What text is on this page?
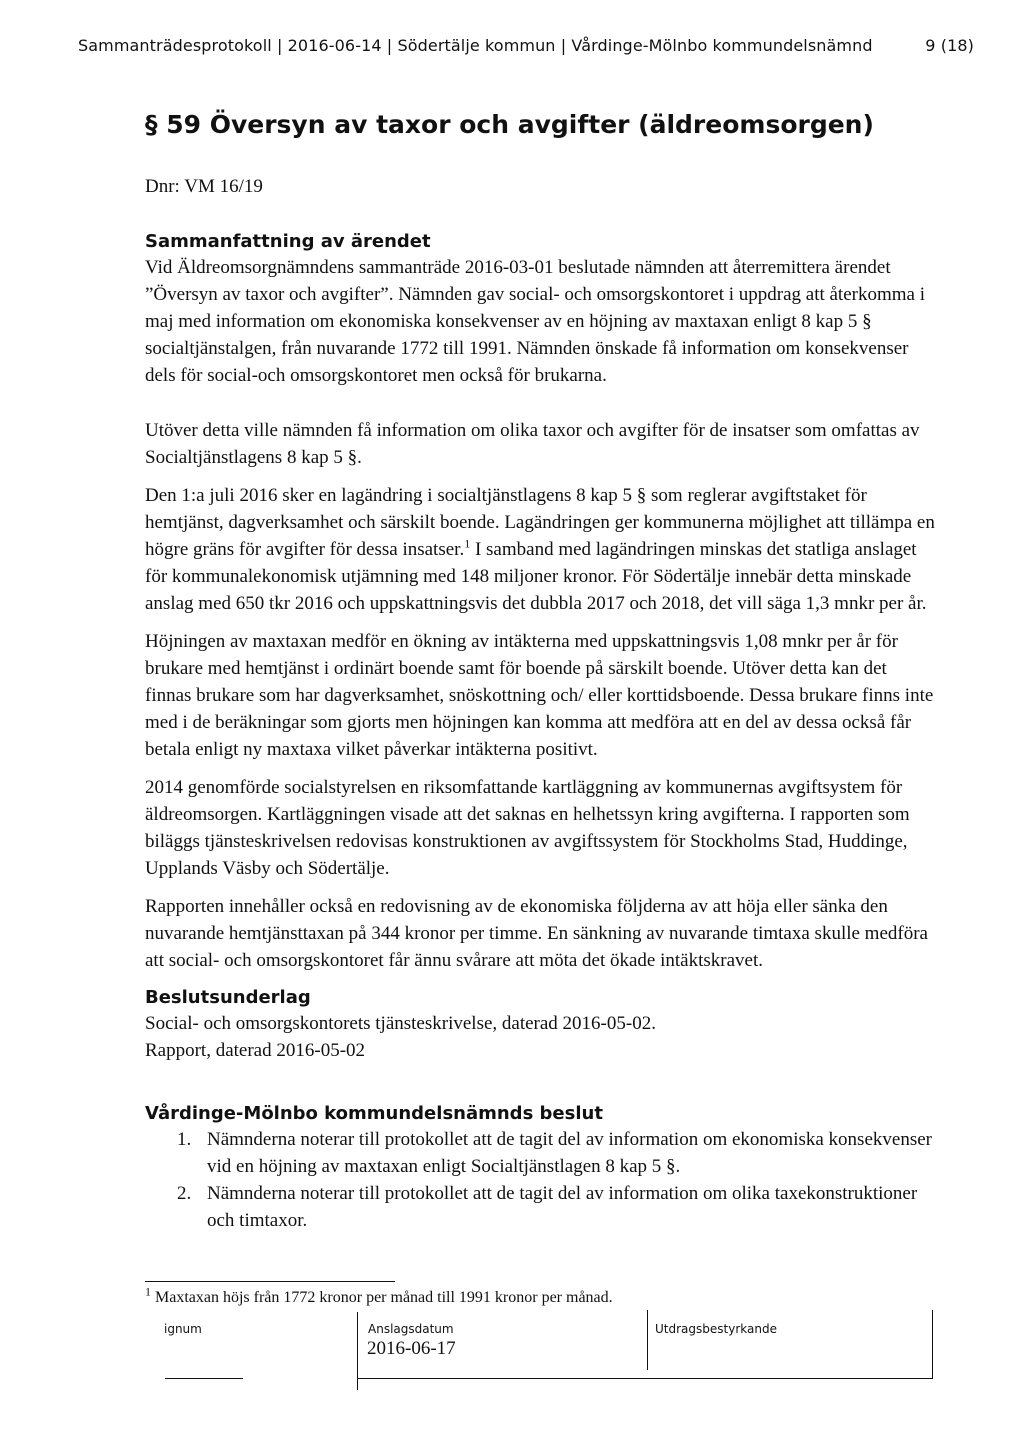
Sammanträdesprotokoll | 2016-06-14 | Södertälje kommun | Vårdinge-Mölnbo kommundelsnämnd	9 (18)
§ 59 Översyn av taxor och avgifter (äldreomsorgen)
Dnr: VM 16/19
Sammanfattning av ärendet

Vid Äldreomsorgnämndens sammanträde 2016-03-01 beslutade nämnden att återremittera ärendet ”Översyn av taxor och avgifter”. Nämnden gav social- och omsorgskontoret i uppdrag att återkomma i maj med information om ekonomiska konsekvenser av en höjning av maxtaxan enligt 8 kap 5 § socialtjänstalgen, från nuvarande 1772 till 1991. Nämnden önskade få information om konsekvenser dels för social-och omsorgskontoret men också för brukarna.

Utöver detta ville nämnden få information om olika taxor och avgifter för de insatser som omfattas av Socialtjänstlagens 8 kap 5 §.

Den 1:a juli 2016 sker en lagändring i socialtjänstlagens 8 kap 5 § som reglerar avgiftstaket för hemtjänst, dagverksamhet och särskilt boende. Lagändringen ger kommunerna möjlighet att tillämpa en högre gräns för avgifter för dessa insatser.$^1$ I samband med lagändringen minskas det statliga anslaget för kommunalekonomisk utjämning med 148 miljoner kronor. För Södertälje innebär detta minskade anslag med 650 tkr 2016 och uppskattningsvis det dubbla 2017 och 2018, det vill säga 1,3 mnkr per år.

Höjningen av maxtaxan medför en ökning av intäkterna med uppskattningsvis 1,08 mnkr per år för brukare med hemtjänst i ordinärt boende samt för boende på särskilt boende. Utöver detta kan det finnas brukare som har dagverksamhet, snöskottning och/ eller korttidsboende. Dessa brukare finns inte med i de beräkningar som gjorts men höjningen kan komma att medföra att en del av dessa också får betala enligt ny maxtaxa vilket påverkar intäkterna positivt.

2014 genomförde socialstyrelsen en riksomfattande kartläggning av kommunernas avgiftsystem för äldreomsorgen. Kartläggningen visade att det saknas en helhetssyn kring avgifterna. I rapporten som biläggs tjänsteskrivelsen redovisas konstruktionen av avgiftssystem för Stockholms Stad, Huddinge, Upplands Väsby och Södertälje.

Rapporten innehåller också en redovisning av de ekonomiska följderna av att höja eller sänka den nuvarande hemtjänsttaxan på 344 kronor per timme. En sänkning av nuvarande timtaxa skulle medföra att social- och omsorgskontoret får ännu svårare att möta det ökade intäktskravet.

Beslutsunderlag
Social- och omsorgskontorets tjänsteskrivelse, daterad 2016-05-02.
Rapport, daterad 2016-05-02
Vårdinge-Mölnbo kommundelsnämnds beslut
1. Nämnderna noterar till protokollet att de tagit del av information om ekonomiska konsekvenser vid en höjning av maxtaxan enligt Socialtjänstlagen 8 kap 5 §.
2. Nämnderna noterar till protokollet att de tagit del av information om olika taxekonstruktioner och timtaxor.
$^1$ Maxtaxan höjs från 1772 kronor per månad till 1991 kronor per månad.
ignum	Anslagsdatum
2016-06-17
Utdragsbestyrkande
